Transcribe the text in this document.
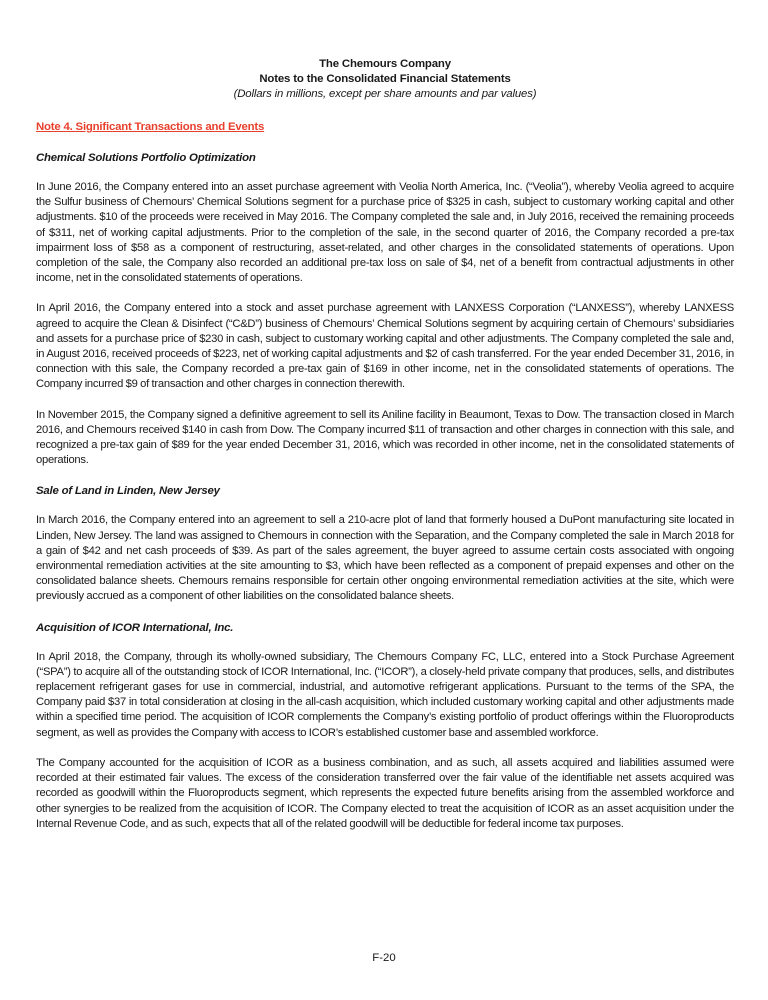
The Chemours Company
Notes to the Consolidated Financial Statements
(Dollars in millions, except per share amounts and par values)
Note 4. Significant Transactions and Events
Chemical Solutions Portfolio Optimization

In June 2016, the Company entered into an asset purchase agreement with Veolia North America, Inc. (“Veolia”), whereby Veolia agreed to acquire the Sulfur business of Chemours’ Chemical Solutions segment for a purchase price of $325 in cash, subject to customary working capital and other adjustments. $10 of the proceeds were received in May 2016. The Company completed the sale and, in July 2016, received the remaining proceeds of $311, net of working capital adjustments. Prior to the completion of the sale, in the second quarter of 2016, the Company recorded a pre-tax impairment loss of $58 as a component of restructuring, asset-related, and other charges in the consolidated statements of operations. Upon completion of the sale, the Company also recorded an additional pre-tax loss on sale of $4, net of a benefit from contractual adjustments in other income, net in the consolidated statements of operations.

In April 2016, the Company entered into a stock and asset purchase agreement with LANXESS Corporation (“LANXESS”), whereby LANXESS agreed to acquire the Clean & Disinfect (“C&D”) business of Chemours’ Chemical Solutions segment by acquiring certain of Chemours’ subsidiaries and assets for a purchase price of $230 in cash, subject to customary working capital and other adjustments. The Company completed the sale and, in August 2016, received proceeds of $223, net of working capital adjustments and $2 of cash transferred. For the year ended December 31, 2016, in connection with this sale, the Company recorded a pre-tax gain of $169 in other income, net in the consolidated statements of operations. The Company incurred $9 of transaction and other charges in connection therewith.

In November 2015, the Company signed a definitive agreement to sell its Aniline facility in Beaumont, Texas to Dow. The transaction closed in March 2016, and Chemours received $140 in cash from Dow. The Company incurred $11 of transaction and other charges in connection with this sale, and recognized a pre-tax gain of $89 for the year ended December 31, 2016, which was recorded in other income, net in the consolidated statements of operations.

Sale of Land in Linden, New Jersey

In March 2016, the Company entered into an agreement to sell a 210-acre plot of land that formerly housed a DuPont manufacturing site located in Linden, New Jersey. The land was assigned to Chemours in connection with the Separation, and the Company completed the sale in March 2018 for a gain of $42 and net cash proceeds of $39. As part of the sales agreement, the buyer agreed to assume certain costs associated with ongoing environmental remediation activities at the site amounting to $3, which have been reflected as a component of prepaid expenses and other on the consolidated balance sheets. Chemours remains responsible for certain other ongoing environmental remediation activities at the site, which were previously accrued as a component of other liabilities on the consolidated balance sheets.

Acquisition of ICOR International, Inc.

In April 2018, the Company, through its wholly-owned subsidiary, The Chemours Company FC, LLC, entered into a Stock Purchase Agreement (“SPA”) to acquire all of the outstanding stock of ICOR International, Inc. (“ICOR”), a closely-held private company that produces, sells, and distributes replacement refrigerant gases for use in commercial, industrial, and automotive refrigerant applications. Pursuant to the terms of the SPA, the Company paid $37 in total consideration at closing in the all-cash acquisition, which included customary working capital and other adjustments made within a specified time period. The acquisition of ICOR complements the Company’s existing portfolio of product offerings within the Fluoroproducts segment, as well as provides the Company with access to ICOR’s established customer base and assembled workforce.

The Company accounted for the acquisition of ICOR as a business combination, and as such, all assets acquired and liabilities assumed were recorded at their estimated fair values. The excess of the consideration transferred over the fair value of the identifiable net assets acquired was recorded as goodwill within the Fluoroproducts segment, which represents the expected future benefits arising from the assembled workforce and other synergies to be realized from the acquisition of ICOR. The Company elected to treat the acquisition of ICOR as an asset acquisition under the Internal Revenue Code, and as such, expects that all of the related goodwill will be deductible for federal income tax purposes.

F-20
